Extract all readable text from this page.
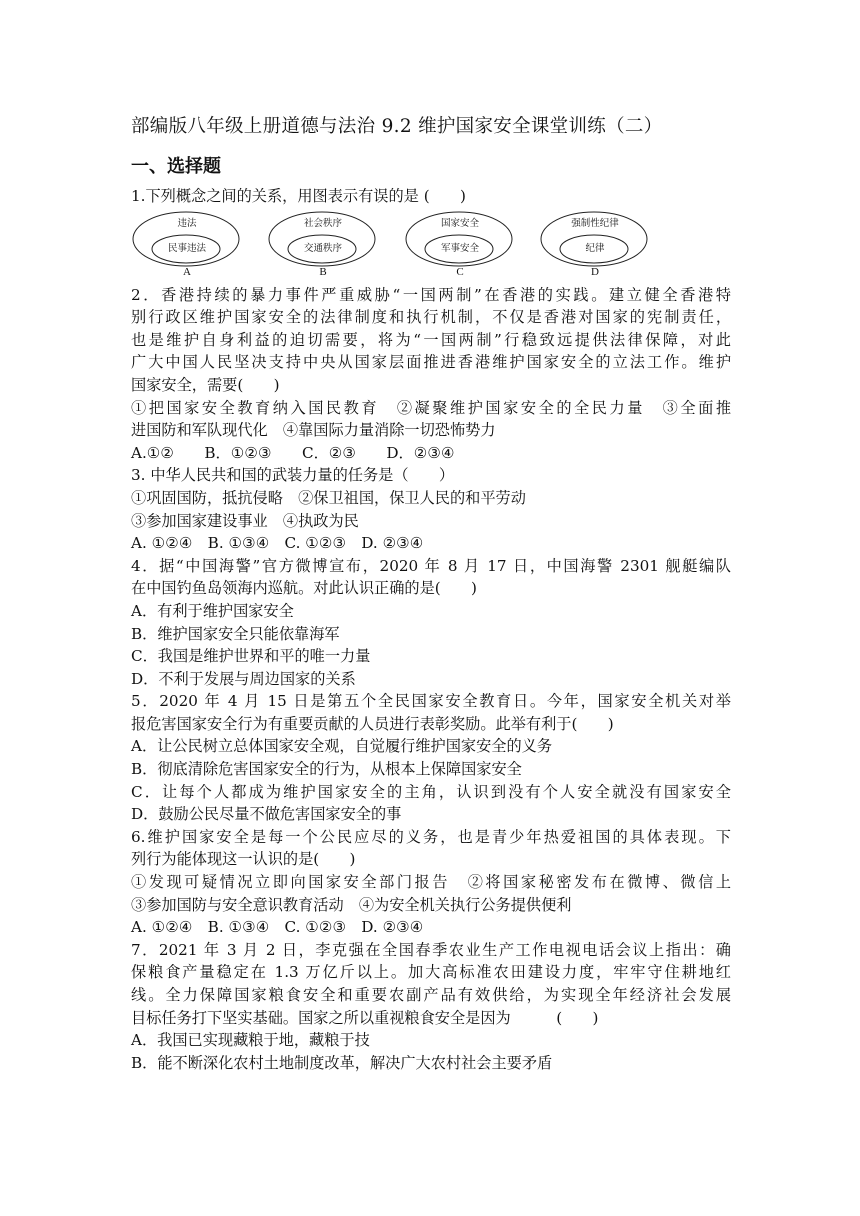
部编版八年级上册道德与法治 9.2 维护国家安全课堂训练（二）
一、选择题
1.下列概念之间的关系，用图表示有误的是 (　　)
违法
民事违法
A
社会秩序
交通秩序
B
国家安全
军事安全
C
强制性纪律
纪律
D
2．香港持续的暴力事件严重威胁“一国两制”在香港的实践。建立健全香港特
别行政区维护国家安全的法律制度和执行机制，不仅是香港对国家的宪制责任，
也是维护自身利益的迫切需要，将为“一国两制”行稳致远提供法律保障，对此
广大中国人民坚决支持中央从国家层面推进香港维护国家安全的立法工作。维护
国家安全，需要(　　)
①把国家安全教育纳入国民教育　②凝聚维护国家安全的全民力量　③全面推
进国防和军队现代化　④靠国际力量消除一切恐怖势力
A.①②　　B．①②③　　C．②③　　D．②③④
3. 中华人民共和国的武装力量的任务是（　　）
①巩固国防，抵抗侵略　②保卫祖国，保卫人民的和平劳动
③参加国家建设事业　④执政为民
A. ①②④　B. ①③④　C. ①②③　D. ②③④
4．据“中国海警”官方微博宣布，2020 年 8 月 17 日，中国海警 2301 舰艇编队
在中国钓鱼岛领海内巡航。对此认识正确的是(　　)
A．有利于维护国家安全
B．维护国家安全只能依靠海军
C．我国是维护世界和平的唯一力量
D．不利于发展与周边国家的关系
5．2020 年 4 月 15 日是第五个全民国家安全教育日。今年，国家安全机关对举
报危害国家安全行为有重要贡献的人员进行表彰奖励。此举有利于(　　)
A．让公民树立总体国家安全观，自觉履行维护国家安全的义务
B．彻底清除危害国家安全的行为，从根本上保障国家安全
C．让每个人都成为维护国家安全的主角，认识到没有个人安全就没有国家安全
D．鼓励公民尽量不做危害国家安全的事
6.维护国家安全是每一个公民应尽的义务，也是青少年热爱祖国的具体表现。下
列行为能体现这一认识的是(　　)
①发现可疑情况立即向国家安全部门报告　②将国家秘密发布在微博、微信上
③参加国防与安全意识教育活动　④为安全机关执行公务提供便利
A. ①②④　B. ①③④　C. ①②③　D. ②③④
7．2021 年 3 月 2 日，李克强在全国春季农业生产工作电视电话会议上指出：确
保粮食产量稳定在 1.3 万亿斤以上。加大高标准农田建设力度，牢牢守住耕地红
线。全力保障国家粮食安全和重要农副产品有效供给，为实现全年经济社会发展
目标任务打下坚实基础。国家之所以重视粮食安全是因为　　　(　　)
A．我国已实现藏粮于地，藏粮于技
B．能不断深化农村土地制度改革，解决广大农村社会主要矛盾
